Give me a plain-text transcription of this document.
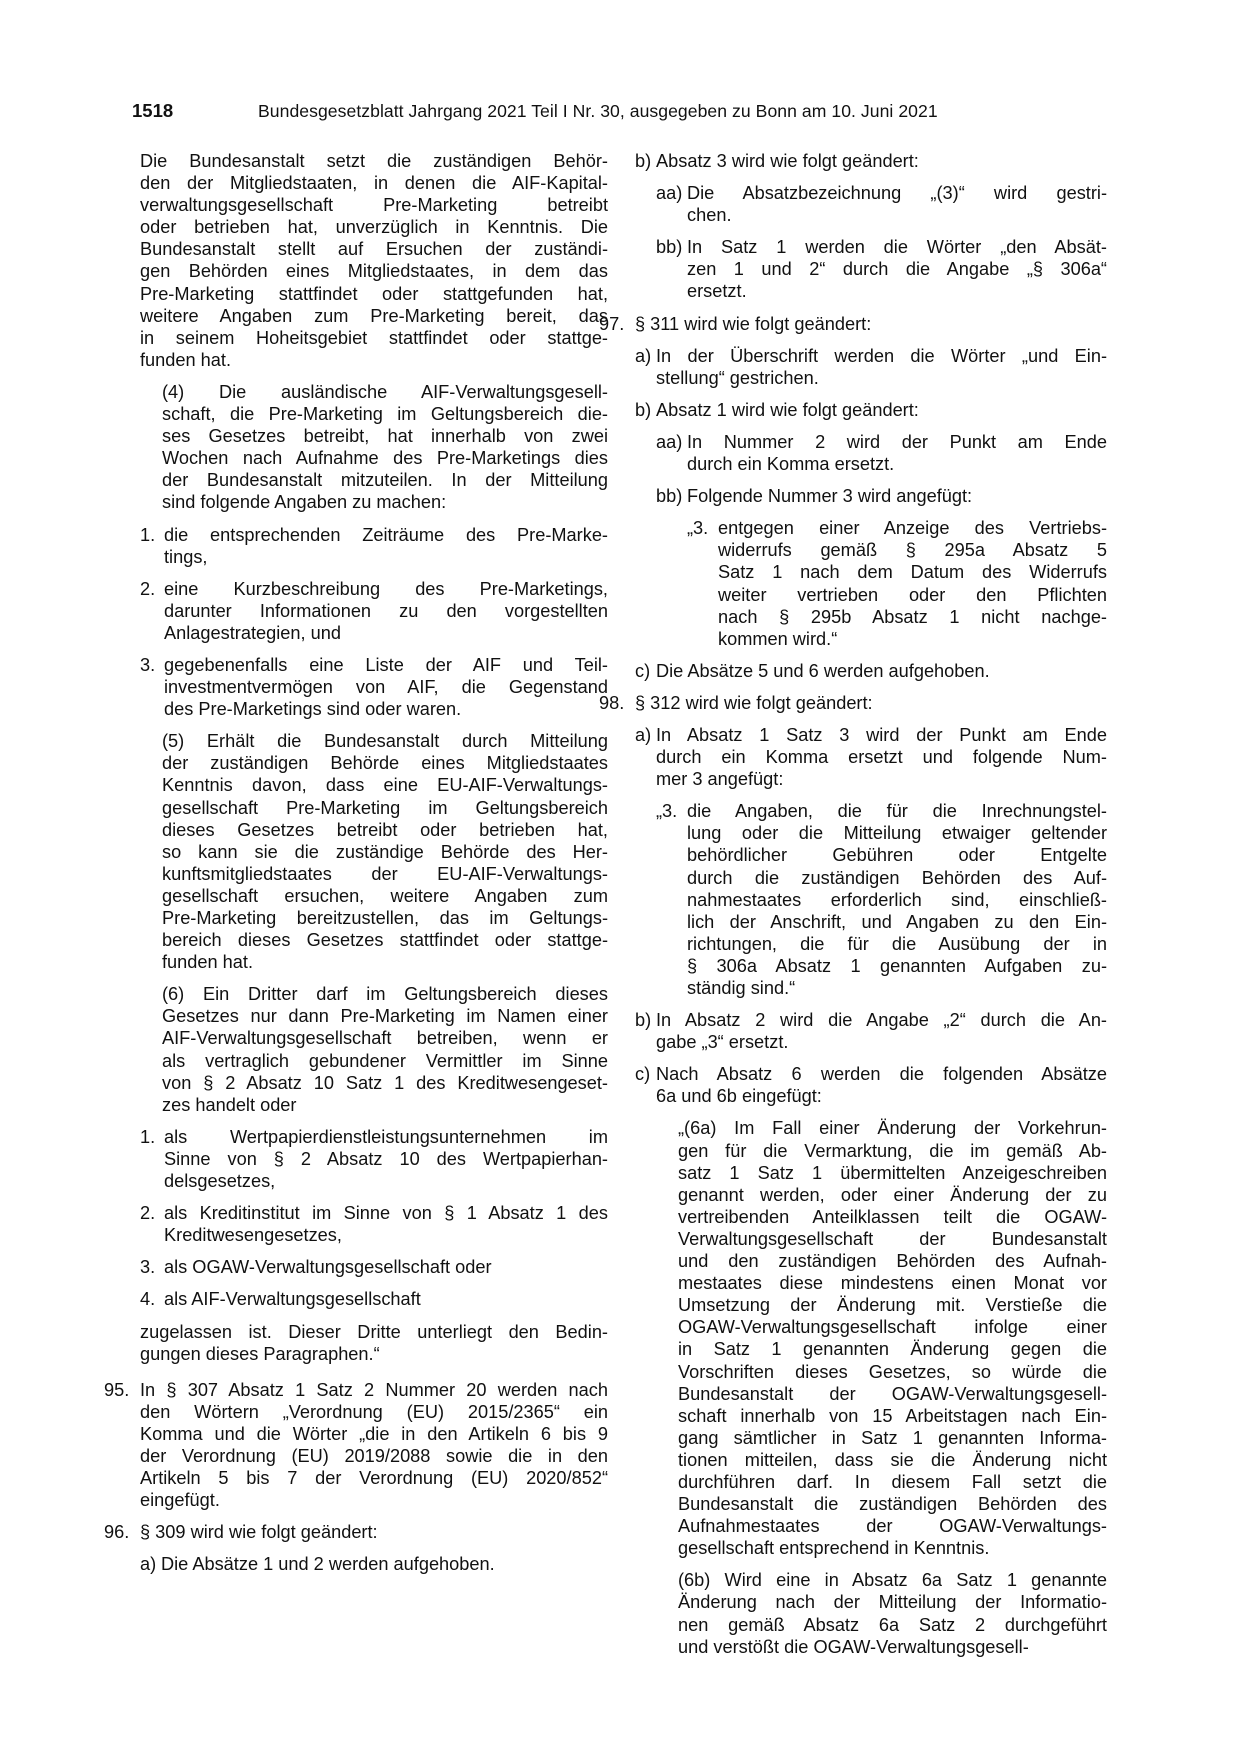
1518	Bundesgesetzblatt Jahrgang 2021 Teil I Nr. 30, ausgegeben zu Bonn am 10. Juni 2021

Die Bundesanstalt setzt die zuständigen Behör-
den der Mitgliedstaaten, in denen die AIF-Kapital-
verwaltungsgesellschaft Pre-Marketing betreibt
oder betrieben hat, unverzüglich in Kenntnis. Die
Bundesanstalt stellt auf Ersuchen der zuständi-
gen Behörden eines Mitgliedstaates, in dem das
Pre-Marketing stattfindet oder stattgefunden hat,
weitere Angaben zum Pre-Marketing bereit, das
in seinem Hoheitsgebiet stattfindet oder stattge-
funden hat.

(4) Die ausländische AIF-Verwaltungsgesell-
schaft, die Pre-Marketing im Geltungsbereich die-
ses Gesetzes betreibt, hat innerhalb von zwei
Wochen nach Aufnahme des Pre-Marketings dies
der Bundesanstalt mitzuteilen. In der Mitteilung
sind folgende Angaben zu machen:

1. die entsprechenden Zeiträume des Pre-Marke-
tings,
2. eine Kurzbeschreibung des Pre-Marketings,
darunter Informationen zu den vorgestellten
Anlagestrategien, und
3. gegebenenfalls eine Liste der AIF und Teil-
investmentvermögen von AIF, die Gegenstand
des Pre-Marketings sind oder waren.

(5) Erhält die Bundesanstalt durch Mitteilung
der zuständigen Behörde eines Mitgliedstaates
Kenntnis davon, dass eine EU-AIF-Verwaltungs-
gesellschaft Pre-Marketing im Geltungsbereich
dieses Gesetzes betreibt oder betrieben hat,
so kann sie die zuständige Behörde des Her-
kunftsmitgliedstaates der EU-AIF-Verwaltungs-
gesellschaft ersuchen, weitere Angaben zum
Pre-Marketing bereitzustellen, das im Geltungs-
bereich dieses Gesetzes stattfindet oder stattge-
funden hat.

(6) Ein Dritter darf im Geltungsbereich dieses
Gesetzes nur dann Pre-Marketing im Namen einer
AIF-Verwaltungsgesellschaft betreiben, wenn er
als vertraglich gebundener Vermittler im Sinne
von § 2 Absatz 10 Satz 1 des Kreditwesengeset-
zes handelt oder

1. als Wertpapierdienstleistungsunternehmen im
Sinne von § 2 Absatz 10 des Wertpapierhan-
delsgesetzes,
2. als Kreditinstitut im Sinne von § 1 Absatz 1 des
Kreditwesengesetzes,
3. als OGAW-Verwaltungsgesellschaft oder
4. als AIF-Verwaltungsgesellschaft

zugelassen ist. Dieser Dritte unterliegt den Bedin-
gungen dieses Paragraphen.“

95. In § 307 Absatz 1 Satz 2 Nummer 20 werden nach
den Wörtern „Verordnung (EU) 2015/2365“ ein
Komma und die Wörter „die in den Artikeln 6 bis 9
der Verordnung (EU) 2019/2088 sowie die in den
Artikeln 5 bis 7 der Verordnung (EU) 2020/852“
eingefügt.
96. § 309 wird wie folgt geändert:
a) Die Absätze 1 und 2 werden aufgehoben.
b) Absatz 3 wird wie folgt geändert:
aa) Die Absatzbezeichnung „(3)“ wird gestri-
chen.
bb) In Satz 1 werden die Wörter „den Absät-
zen 1 und 2“ durch die Angabe „§ 306a“
ersetzt.
97. § 311 wird wie folgt geändert:
a) In der Überschrift werden die Wörter „und Ein-
stellung“ gestrichen.
b) Absatz 1 wird wie folgt geändert:
aa) In Nummer 2 wird der Punkt am Ende
durch ein Komma ersetzt.
bb) Folgende Nummer 3 wird angefügt:
„3. entgegen einer Anzeige des Vertriebs-
widerrufs gemäß § 295a Absatz 5
Satz 1 nach dem Datum des Widerrufs
weiter vertrieben oder den Pflichten
nach § 295b Absatz 1 nicht nachge-
kommen wird.“
c) Die Absätze 5 und 6 werden aufgehoben.
98. § 312 wird wie folgt geändert:
a) In Absatz 1 Satz 3 wird der Punkt am Ende
durch ein Komma ersetzt und folgende Num-
mer 3 angefügt:
„3. die Angaben, die für die Inrechnungstel-
lung oder die Mitteilung etwaiger geltender
behördlicher Gebühren oder Entgelte
durch die zuständigen Behörden des Auf-
nahmestaates erforderlich sind, einschließ-
lich der Anschrift, und Angaben zu den Ein-
richtungen, die für die Ausübung der in
§ 306a Absatz 1 genannten Aufgaben zu-
ständig sind.“
b) In Absatz 2 wird die Angabe „2“ durch die An-
gabe „3“ ersetzt.
c) Nach Absatz 6 werden die folgenden Absätze
6a und 6b eingefügt:

„(6a) Im Fall einer Änderung der Vorkehrun-
gen für die Vermarktung, die im gemäß Ab-
satz 1 Satz 1 übermittelten Anzeigeschreiben
genannt werden, oder einer Änderung der zu
vertreibenden Anteilklassen teilt die OGAW-
Verwaltungsgesellschaft der Bundesanstalt
und den zuständigen Behörden des Aufnah-
mestaates diese mindestens einen Monat vor
Umsetzung der Änderung mit. Verstieße die
OGAW-Verwaltungsgesellschaft infolge einer
in Satz 1 genannten Änderung gegen die
Vorschriften dieses Gesetzes, so würde die
Bundesanstalt der OGAW-Verwaltungsgesell-
schaft innerhalb von 15 Arbeitstagen nach Ein-
gang sämtlicher in Satz 1 genannten Informa-
tionen mitteilen, dass sie die Änderung nicht
durchführen darf. In diesem Fall setzt die
Bundesanstalt die zuständigen Behörden des
Aufnahmestaates der OGAW-Verwaltungs-
gesellschaft entsprechend in Kenntnis.

(6b) Wird eine in Absatz 6a Satz 1 genannte
Änderung nach der Mitteilung der Informatio-
nen gemäß Absatz 6a Satz 2 durchgeführt
und verstößt die OGAW-Verwaltungsgesell-
